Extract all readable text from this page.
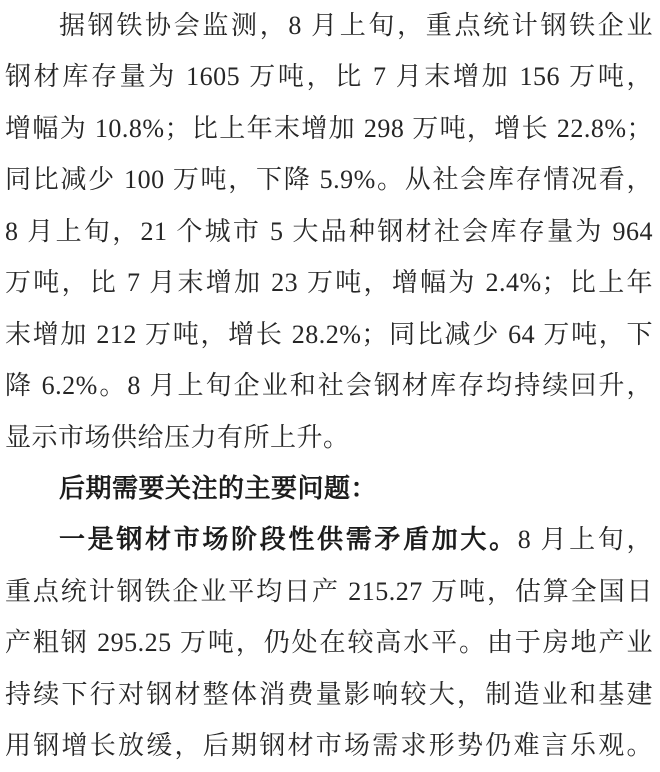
据钢铁协会监测，8 月上旬，重点统计钢铁企业
钢材库存量为 1605 万吨，比 7 月末增加 156 万吨，
增幅为 10.8%；比上年末增加 298 万吨，增长 22.8%；
同比减少 100 万吨，下降 5.9%。从社会库存情况看，
8 月上旬，21 个城市 5 大品种钢材社会库存量为 964
万吨，比 7 月末增加 23 万吨，增幅为 2.4%；比上年
末增加 212 万吨，增长 28.2%；同比减少 64 万吨，下
降 6.2%。8 月上旬企业和社会钢材库存均持续回升，
显示市场供给压力有所上升。
后期需要关注的主要问题：
一是钢材市场阶段性供需矛盾加大。8 月上旬，
重点统计钢铁企业平均日产 215.27 万吨，估算全国日
产粗钢 295.25 万吨，仍处在较高水平。由于房地产业
持续下行对钢材整体消费量影响较大，制造业和基建
用钢增长放缓，后期钢材市场需求形势仍难言乐观。
